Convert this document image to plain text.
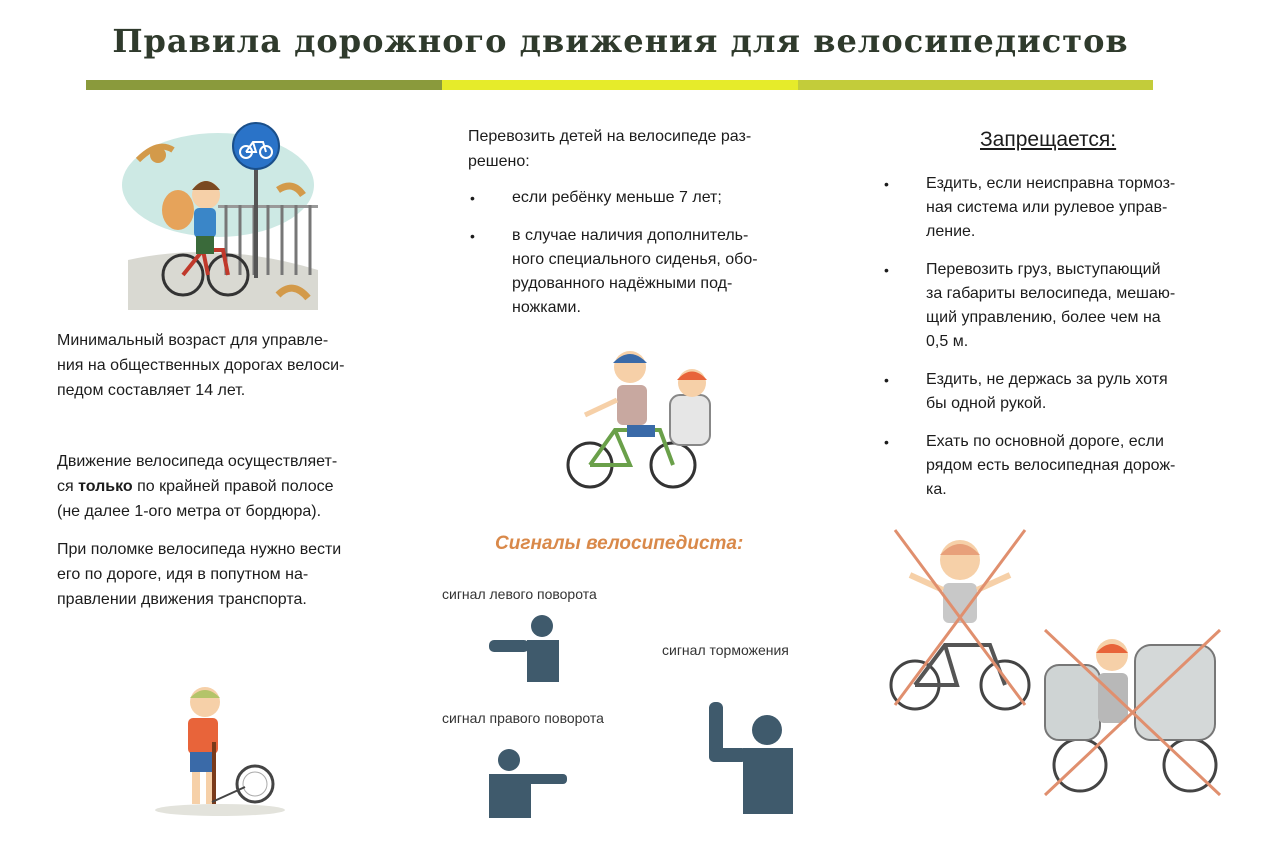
Правила дорожного движения для велосипедистов
Минимальный возраст для управле-
ния на общественных дорогах велоси-
педом составляет 14 лет.
Движение велосипеда осуществляет-
ся только по крайней правой полосе
(не далее 1-ого метра от бордюра).
При поломке велосипеда нужно вести
его по дороге, идя в попутном на-
правлении движения транспорта.
Перевозить детей на велосипеде раз-
решено:
• если ребёнку меньше 7 лет;
• в случае наличия дополнитель-
ного специального сиденья, обо-
рудованного надёжными под-
ножками.
Сигналы велосипедиста:
сигнал левого поворота
сигнал торможения
сигнал правого поворота
Запрещается:
• Ездить, если неисправна тормоз-
ная система или рулевое управ-
ление.
• Перевозить груз, выступающий
за габариты велосипеда, мешаю-
щий управлению, более чем на
0,5 м.
• Ездить, не держась за руль хотя
бы одной рукой.
• Ехать по основной дороге, если
рядом есть велосипедная дорож-
ка.
